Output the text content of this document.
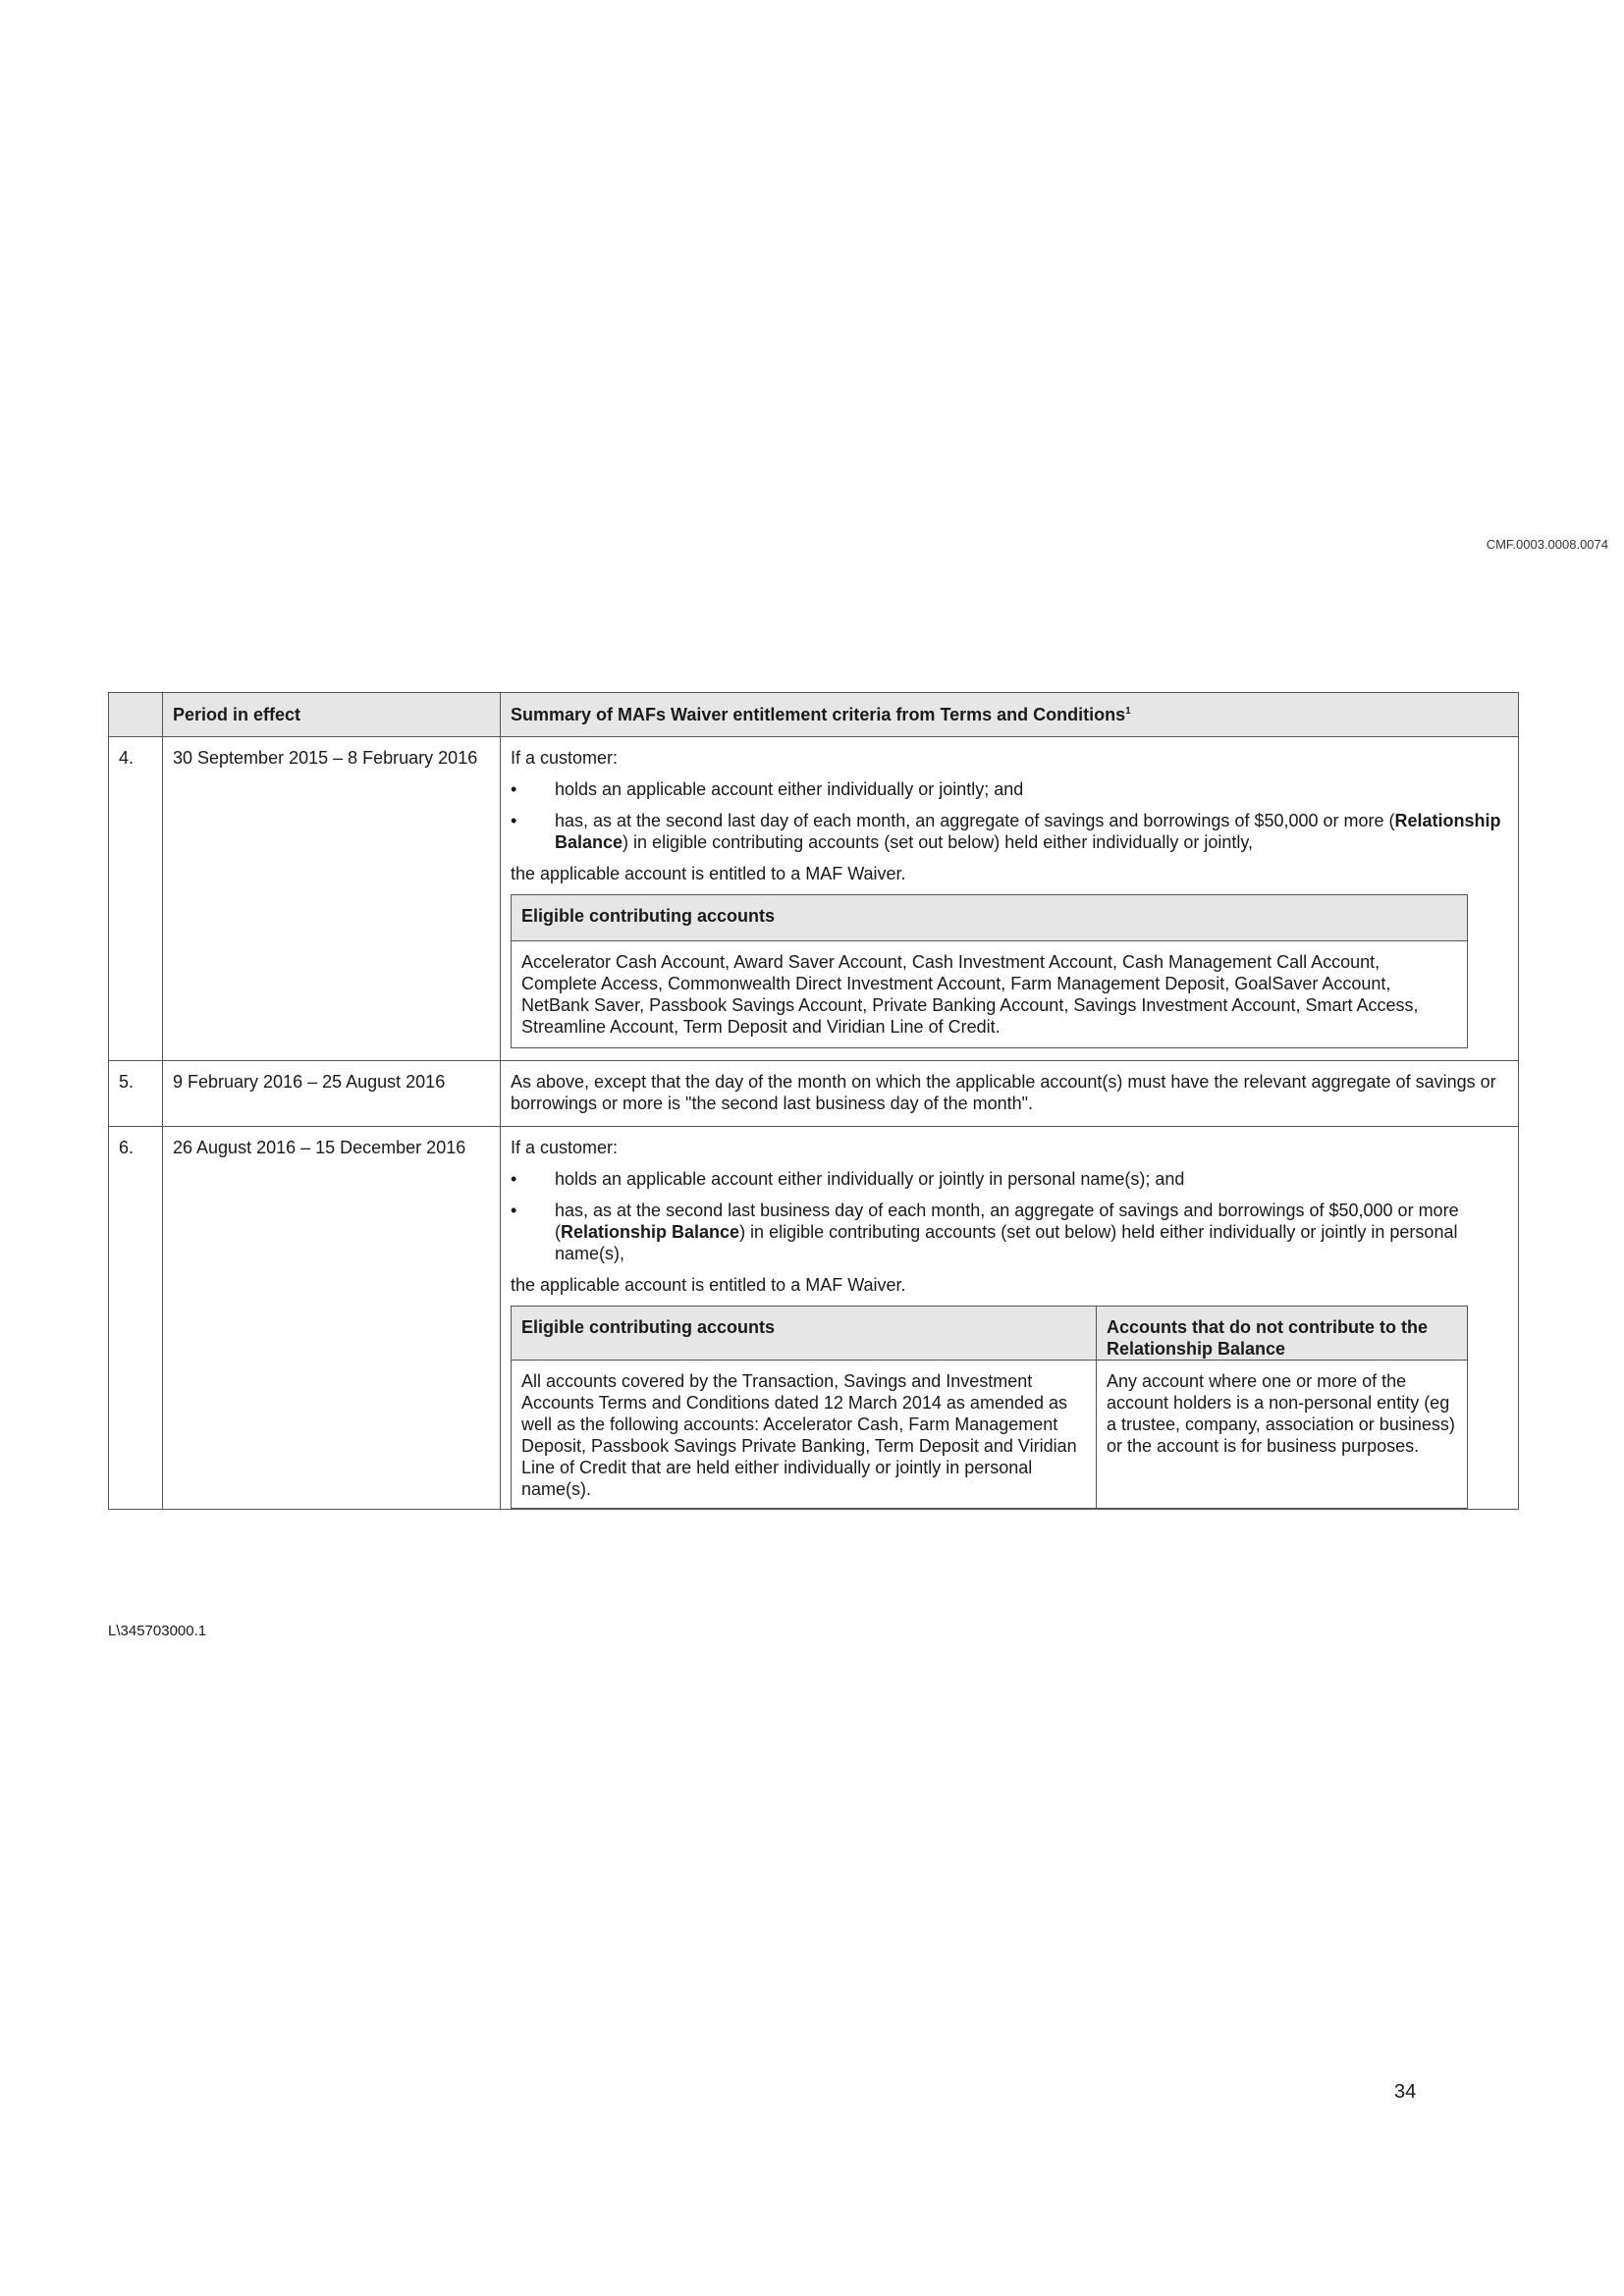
CMF.0003.0008.0074
	Period in effect	Summary of MAFs Waiver entitlement criteria from Terms and Conditions$^1$
4.	30 September 2015 – 8 February 2016	If a customer:

• holds an applicable account either individually or jointly; and
• has, as at the second last day of each month, an aggregate of savings and borrowings of $50,000 or more (Relationship Balance) in eligible contributing accounts (set out below) held either individually or jointly,

the applicable account is entitled to a MAF Waiver.

Eligible contributing accounts
Accelerator Cash Account, Award Saver Account, Cash Investment Account, Cash Management Call Account, Complete Access, Commonwealth Direct Investment Account, Farm Management Deposit, GoalSaver Account, NetBank Saver, Passbook Savings Account, Private Banking Account, Savings Investment Account, Smart Access, Streamline Account, Term Deposit and Viridian Line of Credit.

5.	9 February 2016 – 25 August 2016	As above, except that the day of the month on which the applicable account(s) must have the relevant aggregate of savings or borrowings or more is "the second last business day of the month".
6.	26 August 2016 – 15 December 2016	If a customer:

• holds an applicable account either individually or jointly in personal name(s); and
• has, as at the second last business day of each month, an aggregate of savings and borrowings of $50,000 or more (Relationship Balance) in eligible contributing accounts (set out below) held either individually or jointly in personal name(s),

the applicable account is entitled to a MAF Waiver.

Eligible contributing accounts	Accounts that do not contribute to the Relationship Balance
All accounts covered by the Transaction, Savings and Investment Accounts Terms and Conditions dated 12 March 2014 as amended as well as the following accounts: Accelerator Cash, Farm Management Deposit, Passbook Savings Private Banking, Term Deposit and Viridian Line of Credit that are held either individually or jointly in personal name(s).	Any account where one or more of the account holders is a non-personal entity (eg a trustee, company, association or business) or the account is for business purposes.
L\345703000.1
34
